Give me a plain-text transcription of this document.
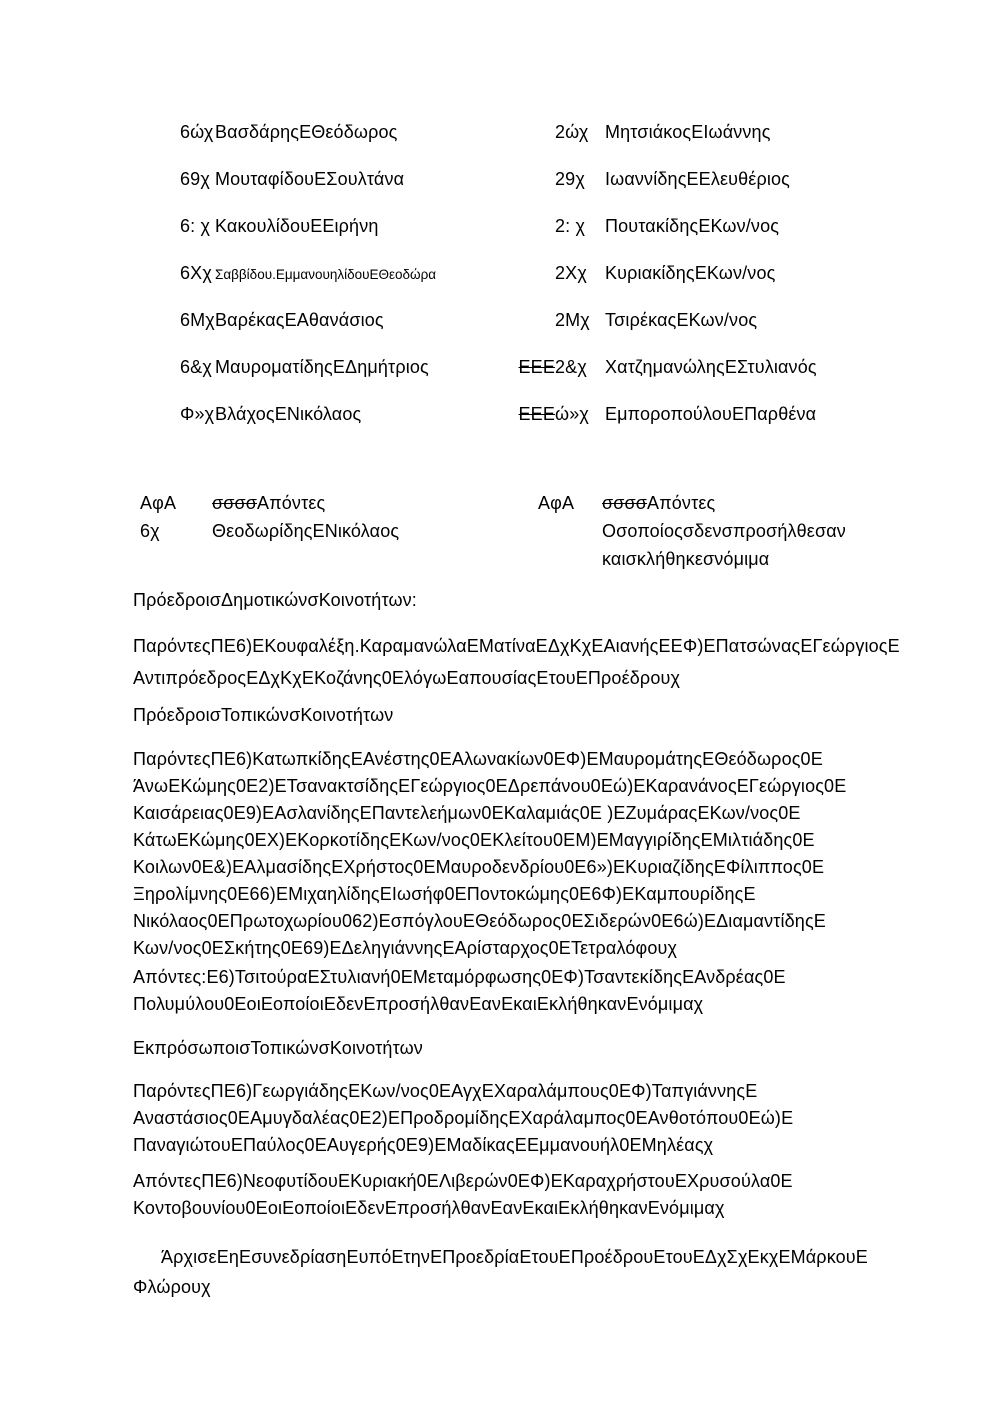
6ώχ ΒασδάρηςΕΘεόδωρος	2ώχ ΜητσιάκοςΕΙωάννης
69χ ΜουταφίδουΕΣουλτάνα	29χ	ΙωαννίδηςΕΕλευθέριος
6: χ ΚακουλίδουΕΕιρήνη	2: χ	ΠουτακίδηςΕΚων/νος
6Χχ Σαββίδου.ΕμμανουηλίδουΕΘεοδώρα	2Χχ	ΚυριακίδηςΕΚων/νος
6Μχ ΒαρέκαςΕΑθανάσιος	2Μχ ΤσιρέκαςΕΚων/νος
6&χ ΜαυροματίδηςΕΔημήτριος	ΕΕΕ 2&χ	ΧατζημανώληςΕΣτυλιανός
Φ»χ ΒλάχοςΕΝικόλαος	ΕΕΕ ώ»χ ΕμποροπούλουΕΠαρθένα
ΑφΑ	σσσσΑπόντες
6χ	ΘεοδωρίδηςΕΝικόλαος
ΑφΑ	σσσσΑπόντες
Οσοποίοςσδενσπροσήλθεσαν
καισκλήθηκεσνόμιμα
ΠρόεδροισΔημοτικώνσΚοινοτήτων:
ΠαρόντεςΠΕ6)ΕΚουφαλέξη.ΚαραμανώλαΕΜατίναΕΔχΚχΕΑιανήςΕΕΦ)ΕΠατσώναςΕΓεώργιοςΕ
ΑντιπρόεδροςΕΔχΚχΕΚοζάνης0ΕλόγωΕαπουσίαςΕτουΕΠροέδρουχ
ΠρόεδροισΤοπικώνσΚοινοτήτων
ΠαρόντεςΠΕ6)ΚατωπκίδηςΕΑνέστης0ΕΑλωνακίων0ΕΦ)ΕΜαυρομάτηςΕΘεόδωρος0Ε
ΆνωΕΚώμης0Ε2)ΕΤσανακτσίδηςΕΓεώργιος0ΕΔρεπάνου0Εώ)ΕΚαρανάνοςΕΓεώργιος0Ε
Καισάρειας0Ε9)ΕΑσλανίδηςΕΠαντελεήμων0ΕΚαλαμιάς0Ε )ΕΖυμάραςΕΚων/νος0Ε
ΚάτωΕΚώμης0ΕΧ)ΕΚορκοτίδηςΕΚων/νος0ΕΚλείτου0ΕΜ)ΕΜαγγιρίδηςΕΜιλτιάδης0Ε
Κοιλων0Ε&)ΕΑλμασίδηςΕΧρήστος0ΕΜαυροδενδρίου0Ε6»)ΕΚυριαζίδηςΕΦίλιππος0Ε
Ξηρολίμνης0Ε66)ΕΜιχαηλίδηςΕΙωσήφ0ΕΠοντοκώμης0Ε6Φ)ΕΚαμπουρίδηςΕ
Νικόλαος0ΕΠρωτοχωρίου062)ΕσπόγλουΕΘεόδωρος0ΕΣιδερών0Ε6ώ)ΕΔιαμαντίδηςΕ
Κων/νος0ΕΣκήτης0Ε69)ΕΔεληγιάννηςΕΑρίσταρχος0ΕΤετραλόφουχ
Απόντες:Ε6)ΤσιτούραΕΣτυλιανή0ΕΜεταμόρφωσης0ΕΦ)ΤσαντεκίδηςΕΑνδρέας0Ε
Πολυμύλου0ΕοιΕοποίοιΕδενΕπροσήλθανΕανΕκαιΕκλήθηκανΕνόμιμαχ
ΕκπρόσωποισΤοπικώνσΚοινοτήτων
ΠαρόντεςΠΕ6)ΓεωργιάδηςΕΚων/νος0ΕΑγχΕΧαραλάμπους0ΕΦ)ΤαπγιάννηςΕ
Αναστάσιος0ΕΑμυγδαλέας0Ε2)ΕΠροδρομίδηςΕΧαράλαμπος0ΕΑνθοτόπου0Εώ)Ε
ΠαναγιώτουΕΠαύλος0ΕΑυγερής0Ε9)ΕΜαδίκαςΕΕμμανουήλ0ΕΜηλέαςχ
ΑπόντεςΠΕ6)ΝεοφυτίδουΕΚυριακή0ΕΛιβερών0ΕΦ)ΕΚαραχρήστουΕΧρυσούλα0Ε
Κοντοβουνίου0ΕοιΕοποίοιΕδενΕπροσήλθανΕανΕκαιΕκλήθηκανΕνόμιμαχ
ΆρχισεΕηΕσυνεδρίασηΕυπόΕτηνΕΠροεδρίαΕτουΕΠροέδρουΕτουΕΔχΣχΕκχΕΜάρκουΕ
Φλώρουχ
